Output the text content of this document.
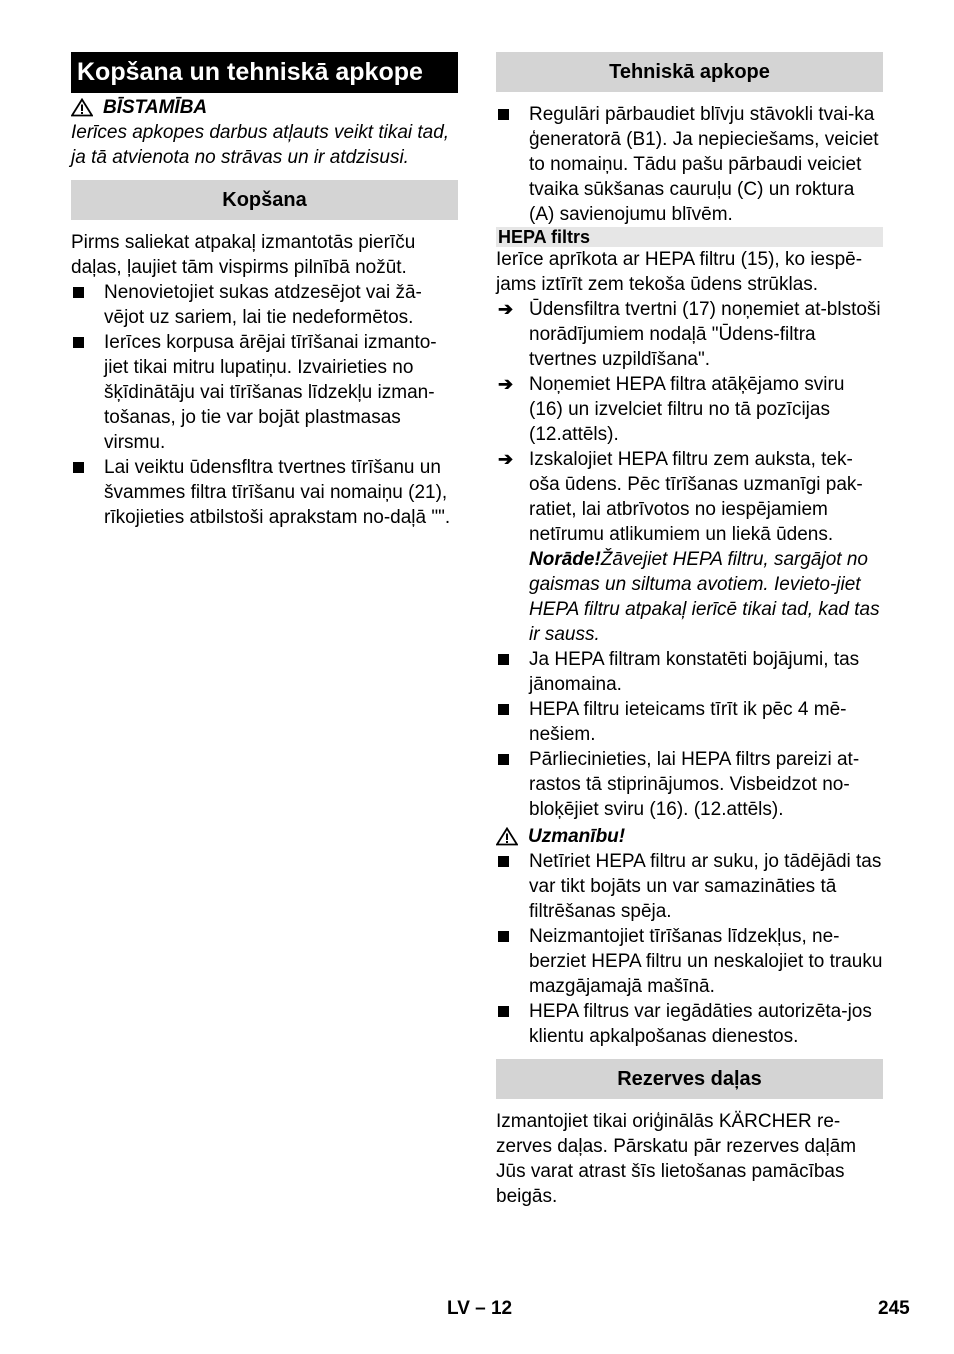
Kopšana un tehniskā apkope
BĪSTAMĪBA

Ierīces apkopes darbus atļauts veikt tikai tad, ja tā atvienota no strāvas un ir atdzisusi.

Kopšana

Pirms saliekat atpakaļ izmantotās pierīču daļas, ļaujiet tām vispirms pilnībā nožūt.

Nenovietojiet sukas atdzesējot vai žā-vējot uz sariem, lai tie nedeformētos.
Ierīces korpusa ārējai tīrīšanai izmanto-jiet tikai mitru lupatiņu. Izvairieties no šķīdinātāju vai tīrīšanas līdzekļu izman-tošanas, jo tie var bojāt plastmasas virsmu.
Lai veiktu ūdensfltra tvertnes tīrīšanu un švammes filtra tīrīšanu vai nomaiņu (21), rīkojieties atbilstoši aprakstam no-daļā "".
Tehniskā apkope
Regulāri pārbaudiet blīvju stāvokli tvai-ka ģeneratorā (B1). Ja nepieciešams, veiciet to nomaiņu. Tādu pašu pārbaudi veiciet tvaika sūkšanas cauruļu (C) un roktura (A) savienojumu blīvēm.
HEPA filtrs

Ierīce aprīkota ar HEPA filtru (15), ko iespē-jams iztīrīt zem tekoša ūdens strūklas.

➔ Ūdensfiltra tvertni (17) noņemiet at-blstoši norādījumiem nodaļā "Ūdens-filtra tvertnes uzpildīšana".
➔ Noņemiet HEPA filtra atāķējamo sviru (16) un izvelciet filtru no tā pozīcijas (12.attēls).
➔ Izskalojiet HEPA filtru zem auksta, tek-oša ūdens. Pēc tīrīšanas uzmanīgi pak-ratiet, lai atbrīvotos no iespējamiem netīrumu atlikumiem un liekā ūdens.
Norāde!Žāvejiet HEPA filtru, sargājot no gaismas un siltuma avotiem. Ievieto-jiet HEPA filtru atpakaļ ierīcē tikai tad, kad tas ir sauss.
Ja HEPA filtram konstatēti bojājumi, tas jānomaina.
HEPA filtru ieteicams tīrīt ik pēc 4 mē-nešiem.
Pārliecinieties, lai HEPA filtrs pareizi at-rastos tā stiprinājumos. Visbeidzot no-bloķējiet sviru (16). (12.attēls).
Uzmanību!
Netīriet HEPA filtru ar suku, jo tādējādi tas var tikt bojāts un var samazināties tā filtrēšanas spēja.
Neizmantojiet tīrīšanas līdzekļus, ne-berziet HEPA filtru un neskalojiet to trauku mazgājamajā mašīnā.
HEPA filtrus var iegādāties autorizēta-jos klientu apkalpošanas dienestos.
Rezerves daļas

Izmantojiet tikai oriģinālās KÄRCHER re-zerves daļas. Pārskatu pār rezerves daļām Jūs varat atrast šīs lietošanas pamācības beigās.

LV – 12	245
